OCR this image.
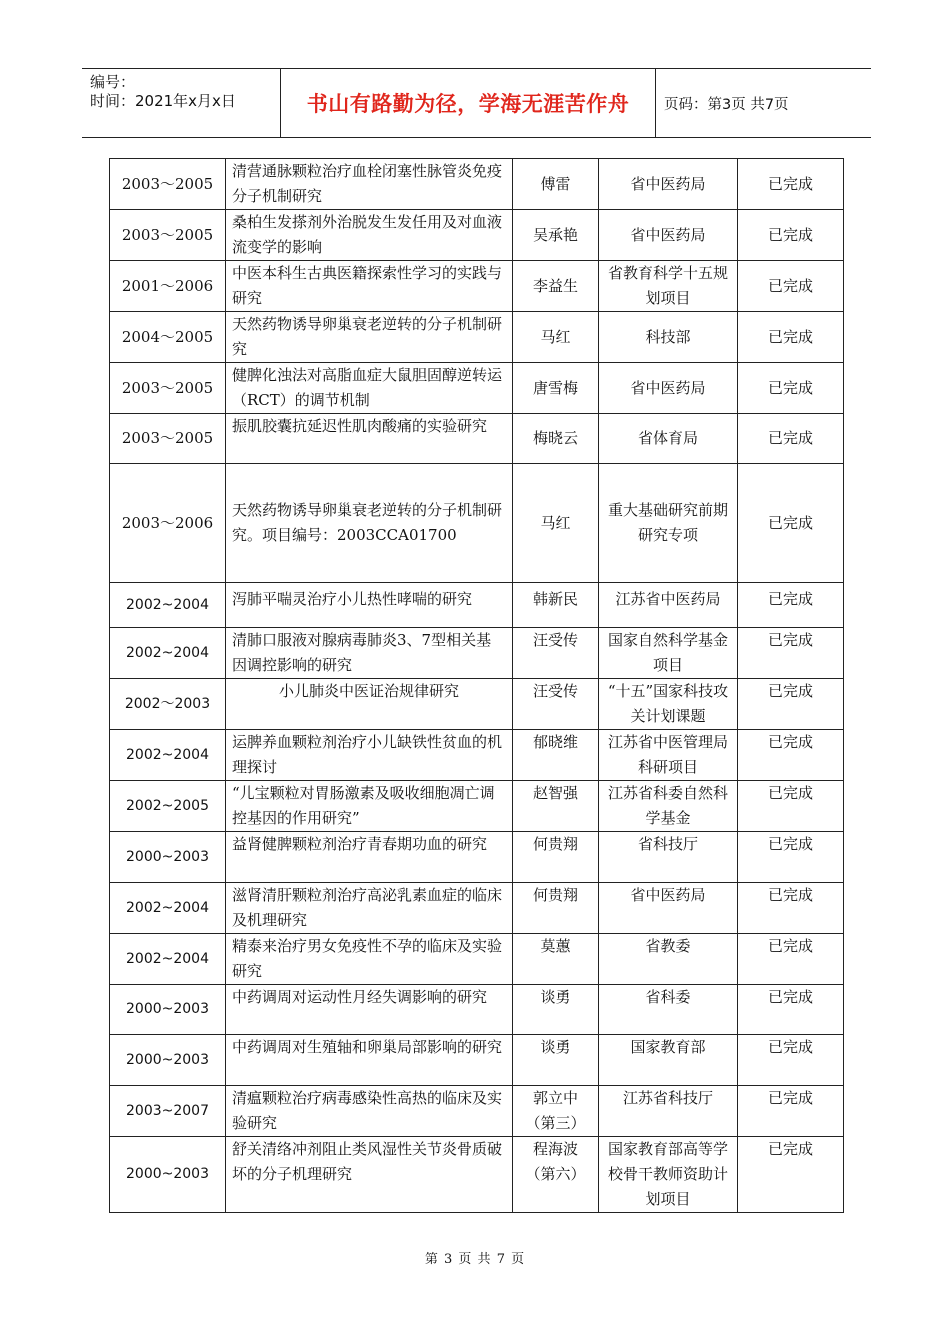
编号：
时间：2021年x月x日	书山有路勤为径，学海无涯苦作舟	页码：第3页 共7页
2003～2005	清营通脉颗粒治疗血栓闭塞性脉管炎免疫分子机制研究	傅雷	省中医药局	已完成
2003～2005	桑柏生发搽剂外治脱发生发任用及对血液流变学的影响	吴承艳	省中医药局	已完成
2001～2006	中医本科生古典医籍探索性学习的实践与研究	李益生	省教育科学十五规划项目	已完成
2004～2005	天然药物诱导卵巢衰老逆转的分子机制研究	马红	科技部	已完成
2003～2005	健脾化浊法对高脂血症大鼠胆固醇逆转运（RCT）的调节机制	唐雪梅	省中医药局	已完成
2003～2005	振肌胶囊抗延迟性肌肉酸痛的实验研究	梅晓云	省体育局	已完成
2003～2006	天然药物诱导卵巢衰老逆转的分子机制研究。项目编号：2003CCA01700	马红	重大基础研究前期研究专项	已完成
2002~2004	泻肺平喘灵治疗小儿热性哮喘的研究	韩新民	江苏省中医药局	已完成
2002~2004	清肺口服液对腺病毒肺炎3、7型相关基因调控影响的研究	汪受传	国家自然科学基金项目	已完成
2002～2003	小儿肺炎中医证治规律研究	汪受传	“十五”国家科技攻关计划课题	已完成
2002~2004	运脾养血颗粒剂治疗小儿缺铁性贫血的机理探讨	郁晓维	江苏省中医管理局科研项目	已完成
2002~2005	“儿宝颗粒对胃肠激素及吸收细胞凋亡调控基因的作用研究”	赵智强	江苏省科委自然科学基金	已完成
2000~2003	益肾健脾颗粒剂治疗青春期功血的研究	何贵翔	省科技厅	已完成
2002~2004	滋肾清肝颗粒剂治疗高泌乳素血症的临床及机理研究	何贵翔	省中医药局	已完成
2002~2004	精泰来治疗男女免疫性不孕的临床及实验研究	莫蕙	省教委	已完成
2000~2003	中药调周对运动性月经失调影响的研究	谈勇	省科委	已完成
2000~2003	中药调周对生殖轴和卵巢局部影响的研究	谈勇	国家教育部	已完成
2003~2007	清瘟颗粒治疗病毒感染性高热的临床及实验研究	郭立中（第三）	江苏省科技厅	已完成
2000~2003	舒关清络冲剂阻止类风湿性关节炎骨质破坏的分子机理研究	程海波（第六）	国家教育部高等学校骨干教师资助计划项目	已完成
第 3 页 共 7 页
